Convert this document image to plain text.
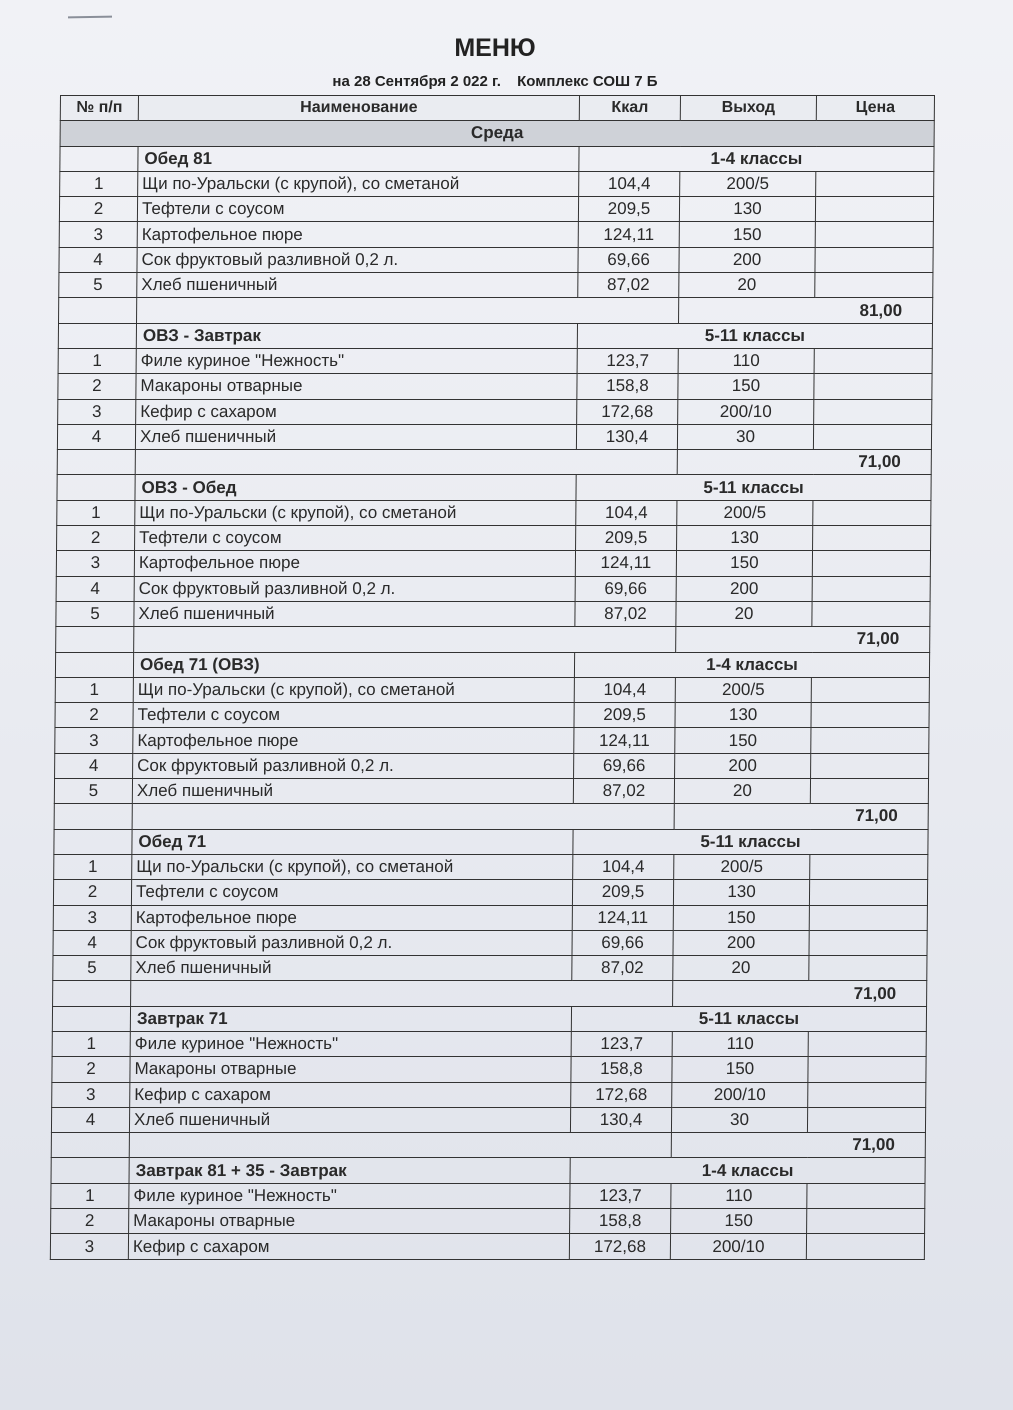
МЕНЮ
на 28 Сентября 2 022 г. Комплекс СОШ 7 Б
№ п/п	Наименование	Ккал	Выход	Цена
Среда				
	Обед 81	1-4 классы		
1	Щи по-Уральски (с крупой), со сметаной	104,4	200/5	
2	Тефтели с соусом	209,5	130	
3	Картофельное пюре	124,11	150	
4	Сок фруктовый разливной 0,2 л.	69,66	200	
5	Хлеб пшеничный	87,02	20	
			81,00	
	ОВЗ - Завтрак	5-11 классы		
1	Филе куриное "Нежность"	123,7	110	
2	Макароны отварные	158,8	150	
3	Кефир с сахаром	172,68	200/10	
4	Хлеб пшеничный	130,4	30	
			71,00	
	ОВЗ - Обед	5-11 классы		
1	Щи по-Уральски (с крупой), со сметаной	104,4	200/5	
2	Тефтели с соусом	209,5	130	
3	Картофельное пюре	124,11	150	
4	Сок фруктовый разливной 0,2 л.	69,66	200	
5	Хлеб пшеничный	87,02	20	
			71,00	
	Обед 71 (ОВЗ)	1-4 классы		
1	Щи по-Уральски (с крупой), со сметаной	104,4	200/5	
2	Тефтели с соусом	209,5	130	
3	Картофельное пюре	124,11	150	
4	Сок фруктовый разливной 0,2 л.	69,66	200	
5	Хлеб пшеничный	87,02	20	
			71,00	
	Обед 71	5-11 классы		
1	Щи по-Уральски (с крупой), со сметаной	104,4	200/5	
2	Тефтели с соусом	209,5	130	
3	Картофельное пюре	124,11	150	
4	Сок фруктовый разливной 0,2 л.	69,66	200	
5	Хлеб пшеничный	87,02	20	
			71,00	
	Завтрак 71	5-11 классы		
1	Филе куриное "Нежность"	123,7	110	
2	Макароны отварные	158,8	150	
3	Кефир с сахаром	172,68	200/10	
4	Хлеб пшеничный	130,4	30	
			71,00	
	Завтрак 81 + 35 - Завтрак	1-4 классы		
1	Филе куриное "Нежность"	123,7	110	
2	Макароны отварные	158,8	150	
3	Кефир с сахаром	172,68	200/10	
